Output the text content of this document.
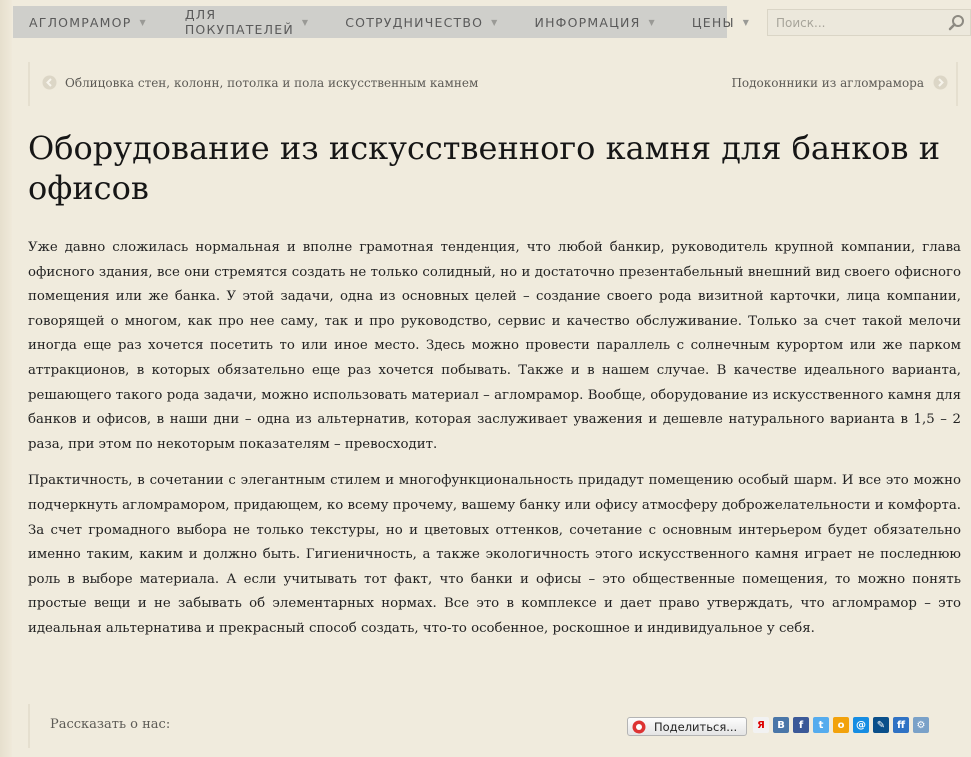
АГЛОМРАМОР ▼	ДЛЯ ПОКУПАТЕЛЕЙ ▼	СОТРУДНИЧЕСТВО ▼	ИНФОРМАЦИЯ ▼	ЦЕНЫ ▼
Поиск...
Облицовка стен, колонн, потолка и пола искусственным камнем	Подоконники из агломрамора
Оборудование из искусственного камня для банков и офисов

Уже давно сложилась нормальная и вполне грамотная тенденция, что любой банкир, руководитель крупной компании, глава офисного здания, все они стремятся создать не только солидный, но и достаточно презентабельный внешний вид своего офисного помещения или же банка. У этой задачи, одна из основных целей – создание своего рода визитной карточки, лица компании, говорящей о многом, как про нее саму, так и про руководство, сервис и качество обслуживание. Только за счет такой мелочи иногда еще раз хочется посетить то или иное место. Здесь можно провести параллель с солнечным курортом или же парком аттракционов, в которых обязательно еще раз хочется побывать. Также и в нашем случае. В качестве идеального варианта, решающего такого рода задачи, можно использовать материал – агломрамор. Вообще, оборудование из искусственного камня для банков и офисов, в наши дни – одна из альтернатив, которая заслуживает уважения и дешевле натурального варианта в 1,5 – 2 раза, при этом по некоторым показателям – превосходит.

Практичность, в сочетании с элегантным стилем и многофункциональность придадут помещению особый шарм. И все это можно подчеркнуть агломрамором, придающем, ко всему прочему, вашему банку или офису атмосферу доброжелательности и комфорта. За счет громадного выбора не только текстуры, но и цветовых оттенков, сочетание с основным интерьером будет обязательно именно таким, каким и должно быть. Гигиеничность, а также экологичность этого искусственного камня играет не последнюю роль в выборе материала. А если учитывать тот факт, что банки и офисы – это общественные помещения, то можно понять простые вещи и не забывать об элементарных нормах. Все это в комплексе и дает право утверждать, что агломрамор – это идеальная альтернатива и прекрасный способ создать, что-то особенное, роскошное и индивидуальное у себя.

Рассказать о нас:	Поделиться...	Я	В	f	t	о	@	✎	ff	⚙
